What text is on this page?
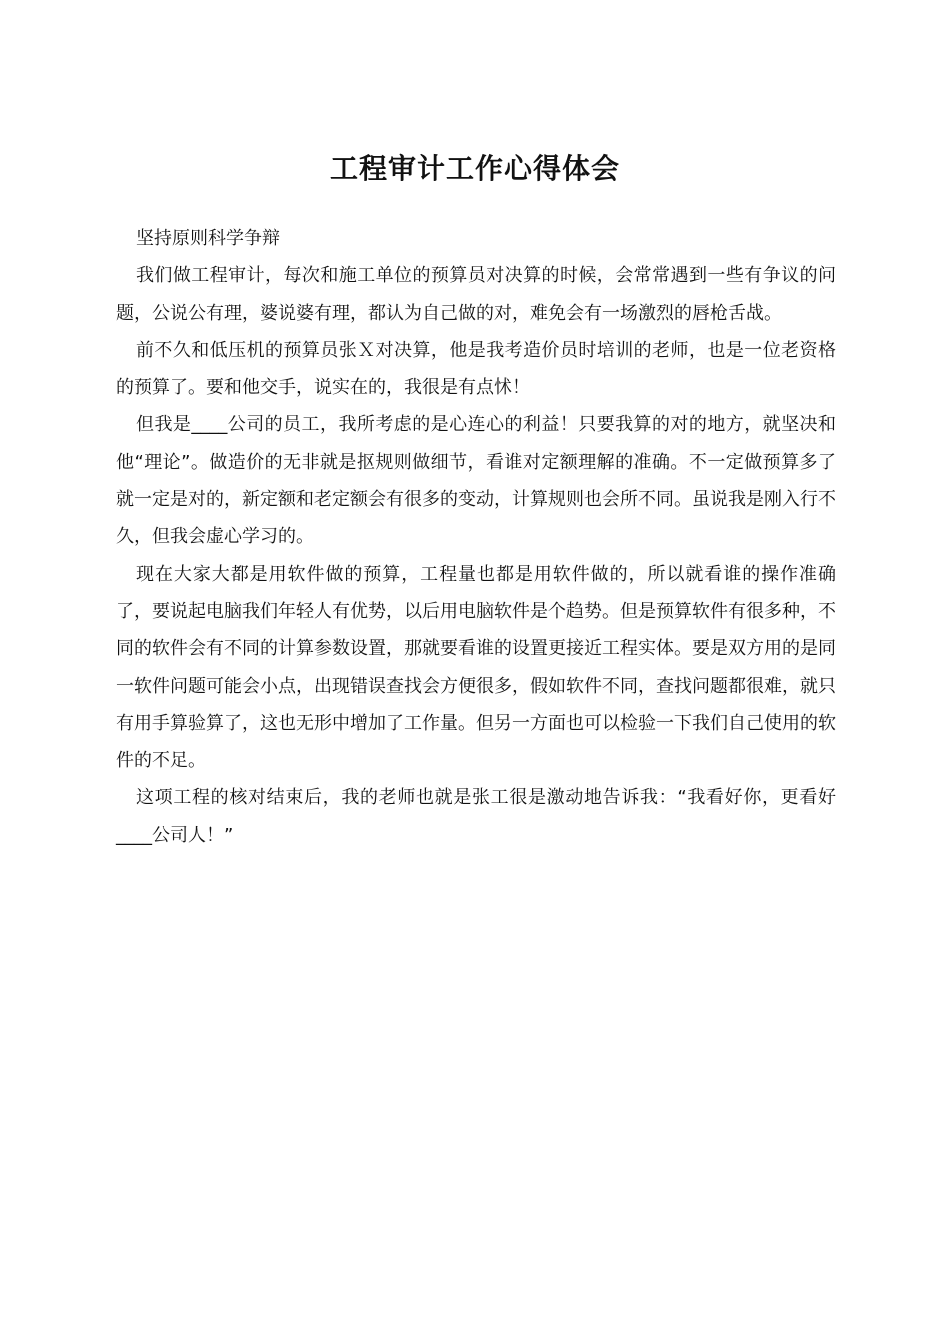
工程审计工作心得体会

坚持原则科学争辩

我们做工程审计，每次和施工单位的预算员对决算的时候，会常常遇到一些有争议的问题，公说公有理，婆说婆有理，都认为自己做的对，难免会有一场激烈的唇枪舌战。

前不久和低压机的预算员张Ｘ对决算，他是我考造价员时培训的老师，也是一位老资格的预算了。要和他交手，说实在的，我很是有点怵！

但我是____公司的员工，我所考虑的是心连心的利益！只要我算的对的地方，就坚决和他“理论”。做造价的无非就是抠规则做细节，看谁对定额理解的准确。不一定做预算多了就一定是对的，新定额和老定额会有很多的变动，计算规则也会所不同。虽说我是刚入行不久，但我会虚心学习的。

现在大家大都是用软件做的预算，工程量也都是用软件做的，所以就看谁的操作准确了，要说起电脑我们年轻人有优势，以后用电脑软件是个趋势。但是预算软件有很多种，不同的软件会有不同的计算参数设置，那就要看谁的设置更接近工程实体。要是双方用的是同一软件问题可能会小点，出现错误查找会方便很多，假如软件不同，查找问题都很难，就只有用手算验算了，这也无形中增加了工作量。但另一方面也可以检验一下我们自己使用的软件的不足。

这项工程的核对结束后，我的老师也就是张工很是激动地告诉我：“我看好你，更看好____公司人！”
